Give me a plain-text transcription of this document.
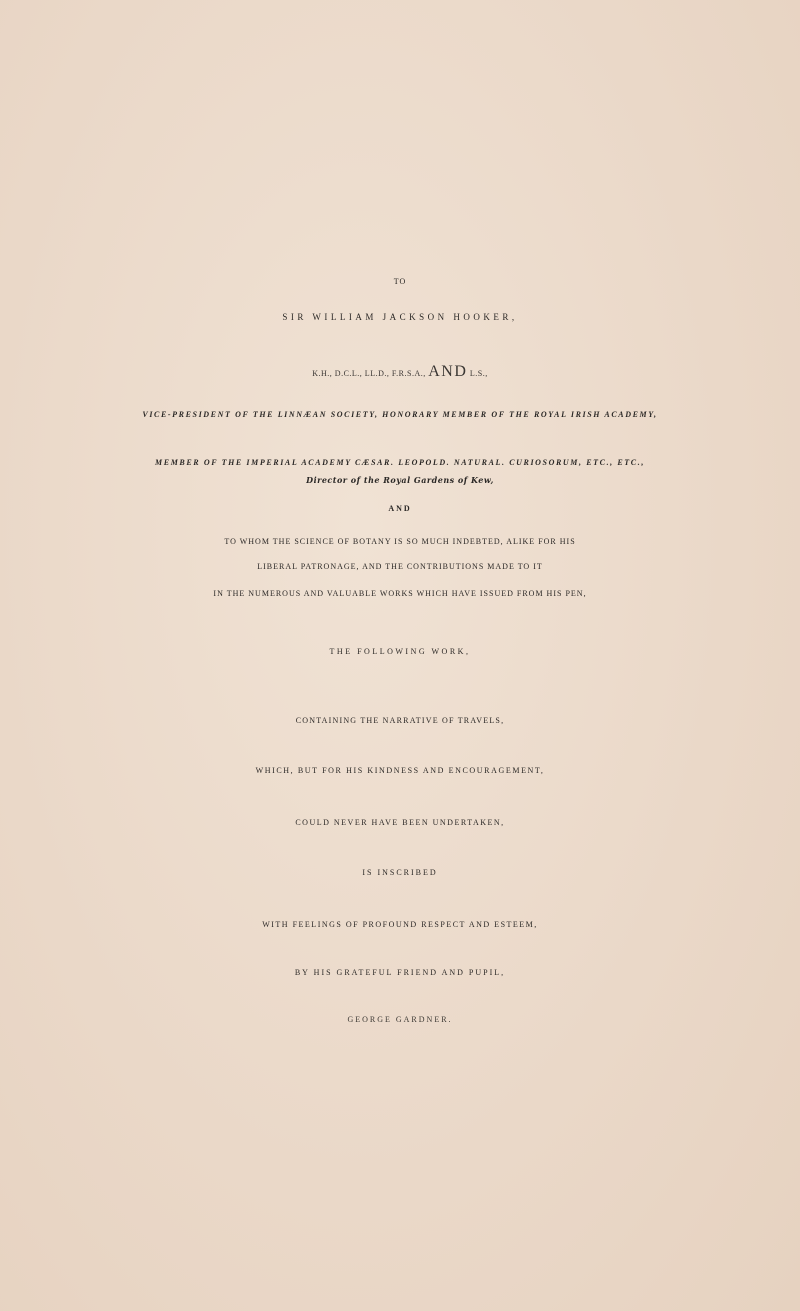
TO
SIR WILLIAM JACKSON HOOKER,
K.H., D.C.L., LL.D., F.R.S.A., AND L.S.,
VICE-PRESIDENT OF THE LINNÆAN SOCIETY, HONORARY MEMBER OF THE ROYAL IRISH ACADEMY,
MEMBER OF THE IMPERIAL ACADEMY CÆSAR. LEOPOLD. NATURAL. CURIOSORUM, ETC., ETC.,
AND
Director of the Royal Gardens of Kew,
TO WHOM THE SCIENCE OF BOTANY IS SO MUCH INDEBTED, ALIKE FOR HIS
LIBERAL PATRONAGE, AND THE CONTRIBUTIONS MADE TO IT
IN THE NUMEROUS AND VALUABLE WORKS WHICH HAVE ISSUED FROM HIS PEN,
THE FOLLOWING WORK,
CONTAINING THE NARRATIVE OF TRAVELS,
WHICH, BUT FOR HIS KINDNESS AND ENCOURAGEMENT,
COULD NEVER HAVE BEEN UNDERTAKEN,
IS INSCRIBED
WITH FEELINGS OF PROFOUND RESPECT AND ESTEEM,
BY HIS GRATEFUL FRIEND AND PUPIL,
GEORGE GARDNER.
